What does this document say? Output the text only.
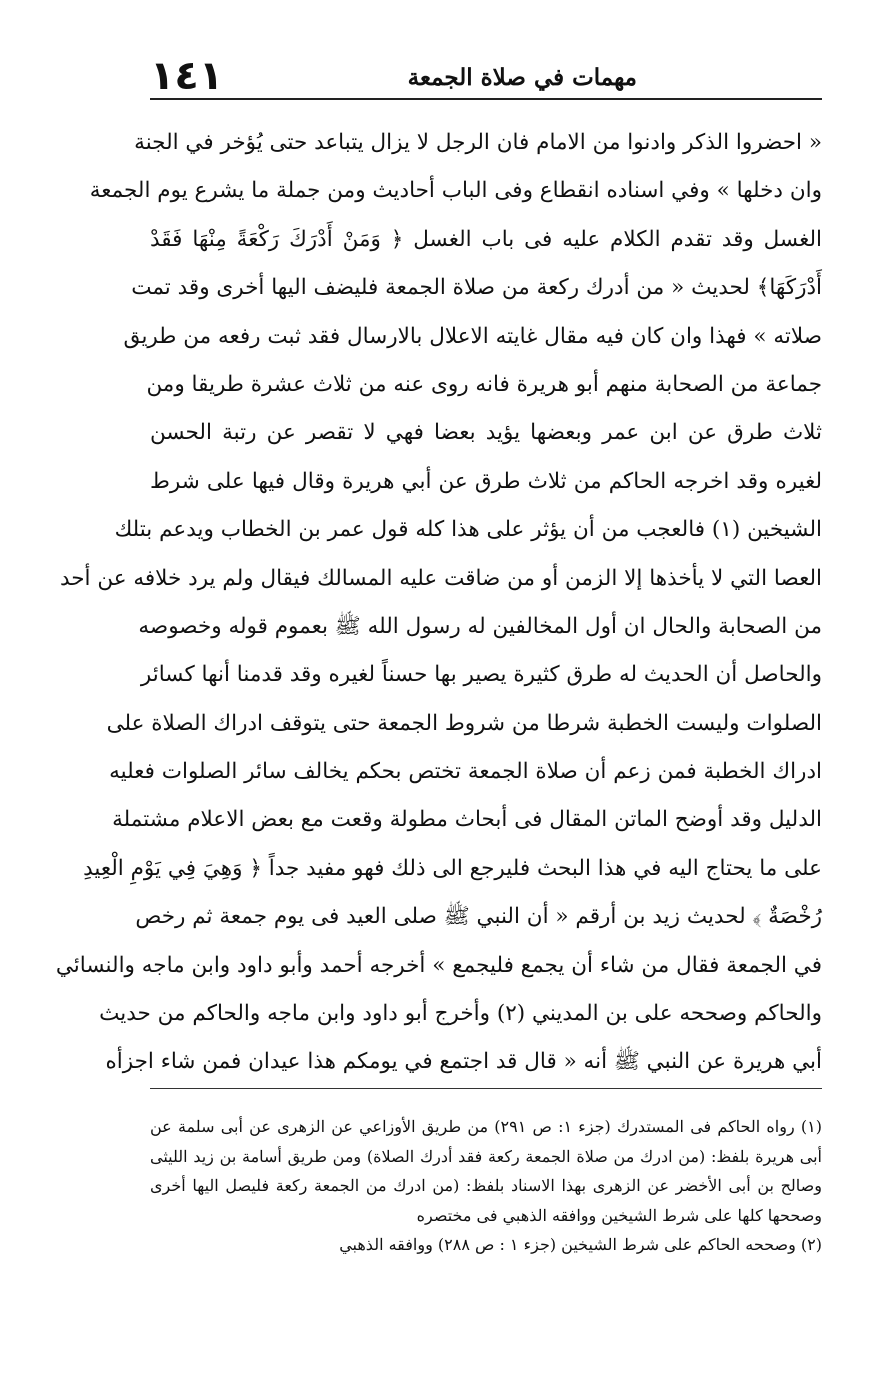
١٤١	مهمات في صلاة الجمعة
« احضروا الذكر وادنوا من الامام فان الرجل لا يزال يتباعد حتى يُؤخر في الجنة
وان دخلها » وفي اسناده انقطاع وفى الباب أحاديث ومن جملة ما يشرع يوم الجمعة
الغسل وقد تقدم الكلام عليه فى باب الغسل ﴿ وَمَنْ أَدْرَكَ رَكْعَةً مِنْهَا فَقَدْ
أَدْرَكَهَا﴾ لحديث « من أدرك ركعة من صلاة الجمعة فليضف اليها أخرى وقد تمت
صلاته » فهذا وان كان فيه مقال غايته الاعلال بالارسال فقد ثبت رفعه من طريق
جماعة من الصحابة منهم أبو هريرة فانه روى عنه من ثلاث عشرة طريقا ومن
ثلاث طرق عن ابن عمر وبعضها يؤيد بعضا فهي لا تقصر عن رتبة الحسن
لغيره وقد اخرجه الحاكم من ثلاث طرق عن أبي هريرة وقال فيها على شرط
الشيخين (١) فالعجب من أن يؤثر على هذا كله قول عمر بن الخطاب ويدعم بتلك
العصا التي لا يأخذها إلا الزمن أو من ضاقت عليه المسالك فيقال ولم يرد خلافه عن أحد
من الصحابة والحال ان أول المخالفين له رسول الله ﷺ بعموم قوله وخصوصه
والحاصل أن الحديث له طرق كثيرة يصير بها حسناً لغيره وقد قدمنا أنها كسائر
الصلوات وليست الخطبة شرطا من شروط الجمعة حتى يتوقف ادراك الصلاة على
ادراك الخطبة فمن زعم أن صلاة الجمعة تختص بحكم يخالف سائر الصلوات فعليه
الدليل وقد أوضح الماتن المقال فى أبحاث مطولة وقعت مع بعض الاعلام مشتملة
على ما يحتاج اليه في هذا البحث فليرجع الى ذلك فهو مفيد جداً ﴿ وَهِيَ فِي يَوْمِ الْعِيدِ
رُخْصَةٌ ﴾ لحديث زيد بن أرقم « أن النبي ﷺ صلى العيد فى يوم جمعة ثم رخص
في الجمعة فقال من شاء أن يجمع فليجمع » أخرجه أحمد وأبو داود وابن ماجه والنسائي
والحاكم وصححه على بن المديني (٢) وأخرج أبو داود وابن ماجه والحاكم من حديث
أبي هريرة عن النبي ﷺ أنه « قال قد اجتمع في يومكم هذا عيدان فمن شاء اجزأه
(١) رواه الحاكم فى المستدرك (جزء ١: ص ٢٩١) من طريق الأوزاعي عن الزهرى عن أبى سلمة عن
أبى هريرة بلفظ: (من ادرك من صلاة الجمعة ركعة فقد أدرك الصلاة) ومن طريق أسامة بن زيد الليثى
وصالح بن أبى الأخضر عن الزهرى بهذا الاسناد بلفظ: (من ادرك من الجمعة ركعة فليصل اليها أخرى
وصححها كلها على شرط الشيخين ووافقه الذهبي فى مختصره
(٢) وصححه الحاكم على شرط الشيخين (جزء ١ : ص ٢٨٨) ووافقه الذهبي
